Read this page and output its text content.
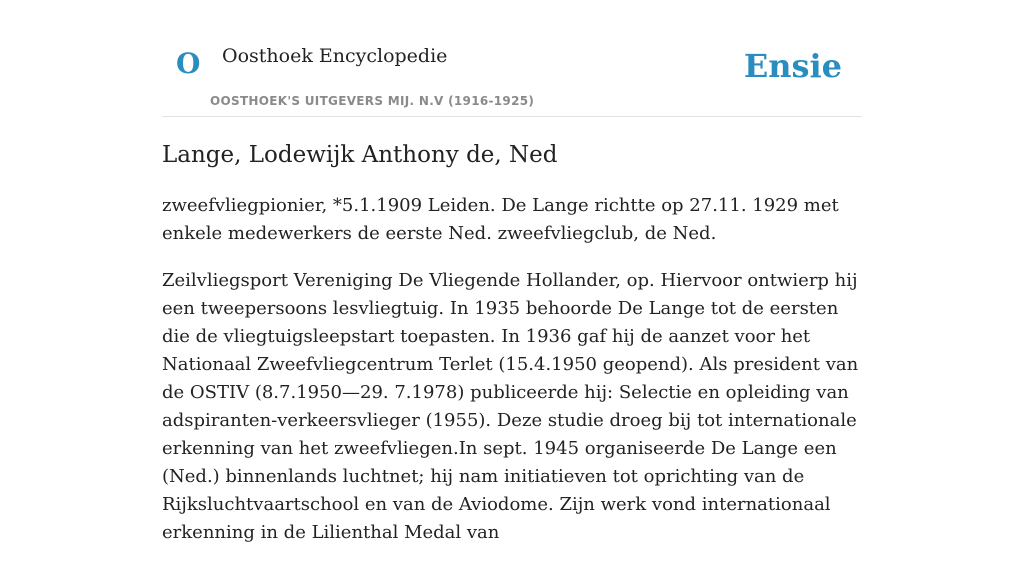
O Oosthoek Encyclopedie
OOSTHOEK'S UITGEVERS MIJ. N.V (1916-1925)
Ensie
Lange, Lodewijk Anthony de, Ned

zweefvliegpionier, *5.1.1909 Leiden. De Lange richtte op 27.11. 1929 met enkele medewerkers de eerste Ned. zweefvliegclub, de Ned.

Zeilvliegsport Vereniging De Vliegende Hollander, op. Hiervoor ontwierp hij een tweepersoons lesvliegtuig. In 1935 behoorde De Lange tot de eersten die de vliegtuigsleepstart toepasten. In 1936 gaf hij de aanzet voor het Nationaal Zweefvliegcentrum Terlet (15.4.1950 geopend). Als president van de OSTIV (8.7.1950—29. 7.1978) publiceerde hij: Selectie en opleiding van adspiranten-verkeersvlieger (1955). Deze studie droeg bij tot internationale erkenning van het zweefvliegen.In sept. 1945 organiseerde De Lange een (Ned.) binnenlands luchtnet; hij nam initiatieven tot oprichting van de Rijksluchtvaartschool en van de Aviodome. Zijn werk vond internationaal erkenning in de Lilienthal Medal van
